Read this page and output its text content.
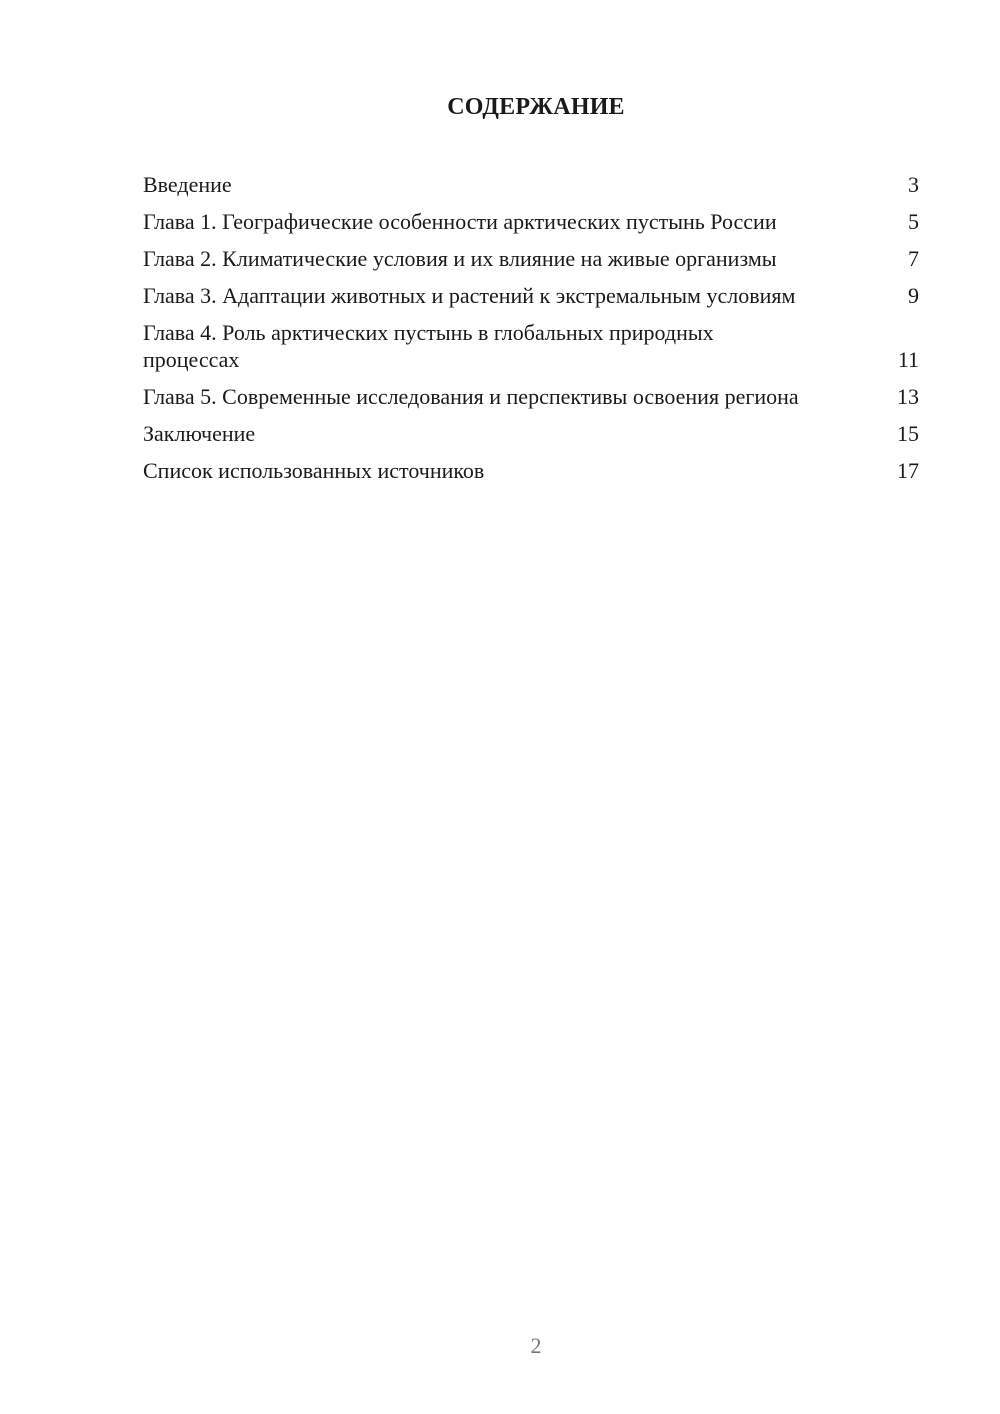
СОДЕРЖАНИЕ
Введение	3
Глава 1. Географические особенности арктических пустынь России	5
Глава 2. Климатические условия и их влияние на живые организмы	7
Глава 3. Адаптации животных и растений к экстремальным условиям	9
Глава 4. Роль арктических пустынь в глобальных природных процессах	11
Глава 5. Современные исследования и перспективы освоения региона	13
Заключение	15
Список использованных источников	17
2
